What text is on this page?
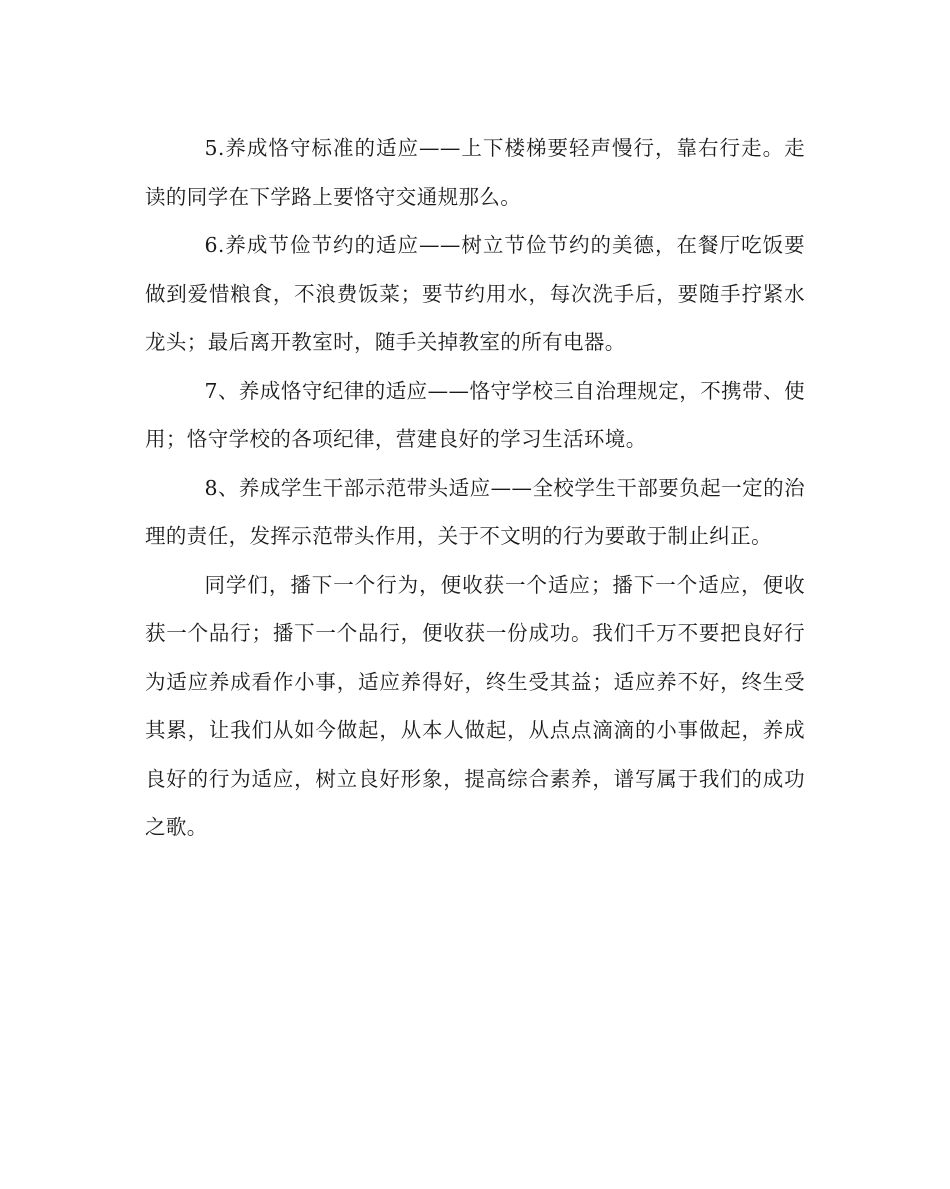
5.养成恪守标准的适应——上下楼梯要轻声慢行，靠右行走。走读的同学在下学路上要恪守交通规那么。

6.养成节俭节约的适应——树立节俭节约的美德，在餐厅吃饭要做到爱惜粮食，不浪费饭菜；要节约用水，每次洗手后，要随手拧紧水龙头；最后离开教室时，随手关掉教室的所有电器。

7、养成恪守纪律的适应——恪守学校三自治理规定，不携带、使用；恪守学校的各项纪律，营建良好的学习生活环境。

8、养成学生干部示范带头适应——全校学生干部要负起一定的治理的责任，发挥示范带头作用，关于不文明的行为要敢于制止纠正。

同学们，播下一个行为，便收获一个适应；播下一个适应，便收获一个品行；播下一个品行，便收获一份成功。我们千万不要把良好行为适应养成看作小事，适应养得好，终生受其益；适应养不好，终生受其累，让我们从如今做起，从本人做起，从点点滴滴的小事做起，养成良好的行为适应，树立良好形象，提高综合素养，谱写属于我们的成功之歌。
